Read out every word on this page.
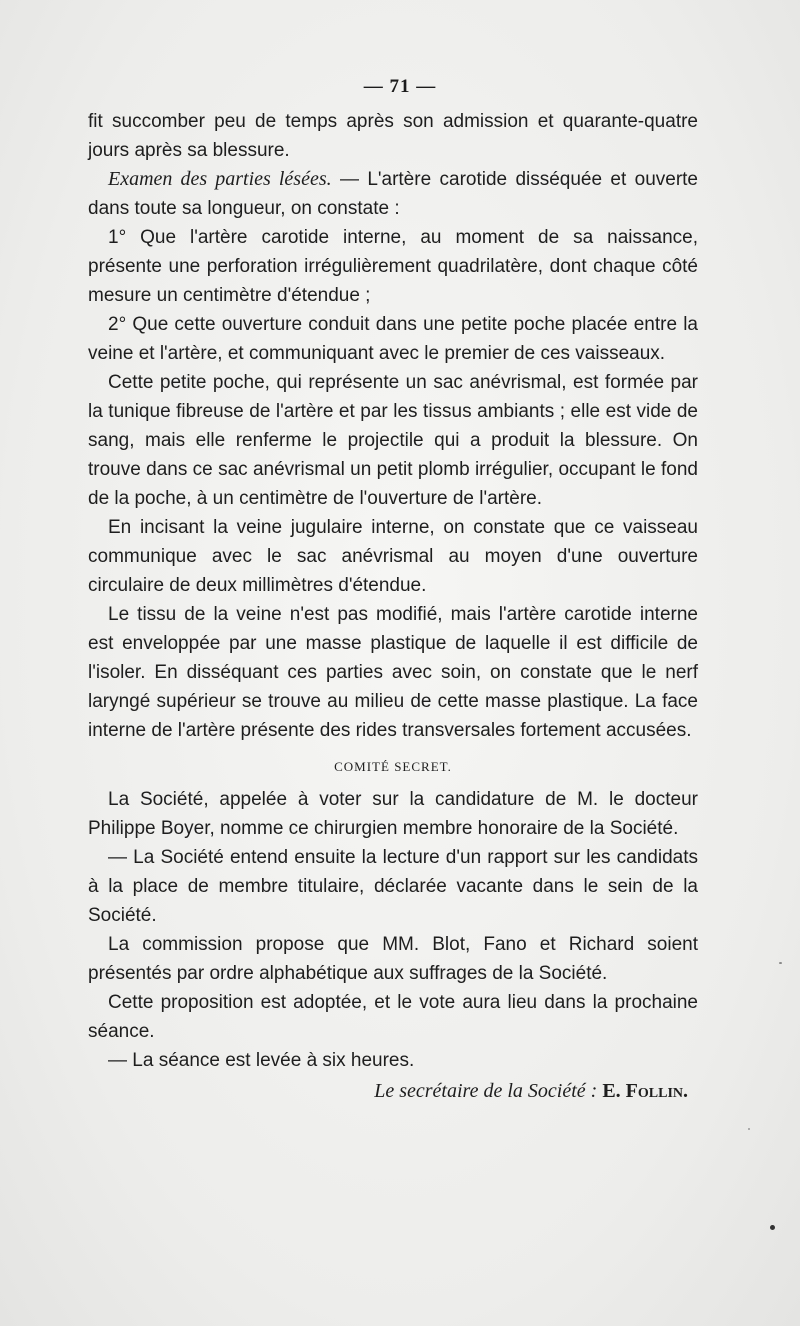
— 71 —

fit succomber peu de temps après son admission et quarante-quatre jours après sa blessure.

Examen des parties lésées. — L'artère carotide disséquée et ouverte dans toute sa longueur, on constate :

1° Que l'artère carotide interne, au moment de sa naissance, présente une perforation irrégulièrement quadrilatère, dont chaque côté mesure un centimètre d'étendue ;

2° Que cette ouverture conduit dans une petite poche placée entre la veine et l'artère, et communiquant avec le premier de ces vaisseaux.

Cette petite poche, qui représente un sac anévrismal, est formée par la tunique fibreuse de l'artère et par les tissus ambiants ; elle est vide de sang, mais elle renferme le projectile qui a produit la blessure. On trouve dans ce sac anévrismal un petit plomb irrégulier, occupant le fond de la poche, à un centimètre de l'ouverture de l'artère.

En incisant la veine jugulaire interne, on constate que ce vaisseau communique avec le sac anévrismal au moyen d'une ouverture circulaire de deux millimètres d'étendue.

Le tissu de la veine n'est pas modifié, mais l'artère carotide interne est enveloppée par une masse plastique de laquelle il est difficile de l'isoler. En disséquant ces parties avec soin, on constate que le nerf laryngé supérieur se trouve au milieu de cette masse plastique. La face interne de l'artère présente des rides transversales fortement accusées.

COMITÉ SECRET.

La Société, appelée à voter sur la candidature de M. le docteur Philippe Boyer, nomme ce chirurgien membre honoraire de la Société.

— La Société entend ensuite la lecture d'un rapport sur les candidats à la place de membre titulaire, déclarée vacante dans le sein de la Société.

La commission propose que MM. Blot, Fano et Richard soient présentés par ordre alphabétique aux suffrages de la Société.

Cette proposition est adoptée, et le vote aura lieu dans la prochaine séance.

— La séance est levée à six heures.

Le secrétaire de la Société : E. Follin.
